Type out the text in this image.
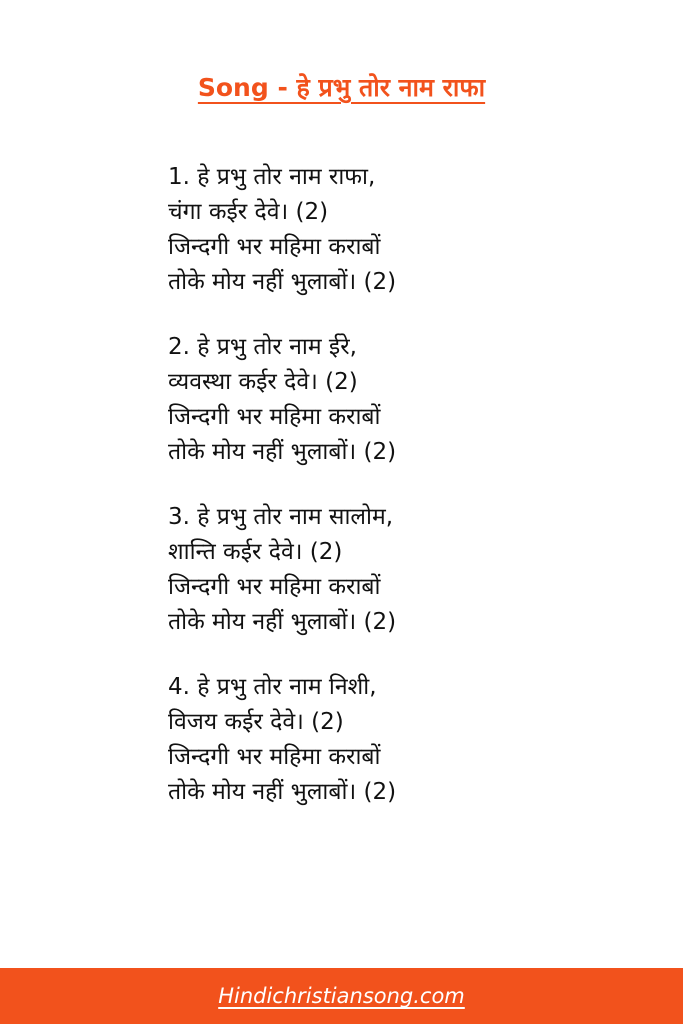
Song - हे प्रभु तोर नाम राफा
1. हे प्रभु तोर नाम राफा,
चंगा कईर देवे। (2)
जिन्दगी भर महिमा कराबों
तोके मोय नहीं भुलाबों। (2)
2. हे प्रभु तोर नाम ईरे,
व्यवस्था कईर देवे। (2)
जिन्दगी भर महिमा कराबों
तोके मोय नहीं भुलाबों। (2)
3. हे प्रभु तोर नाम सालोम,
शान्ति कईर देवे। (2)
जिन्दगी भर महिमा कराबों
तोके मोय नहीं भुलाबों। (2)
4. हे प्रभु तोर नाम निशी,
विजय कईर देवे। (2)
जिन्दगी भर महिमा कराबों
तोके मोय नहीं भुलाबों। (2)
Hindichristiansong.com
